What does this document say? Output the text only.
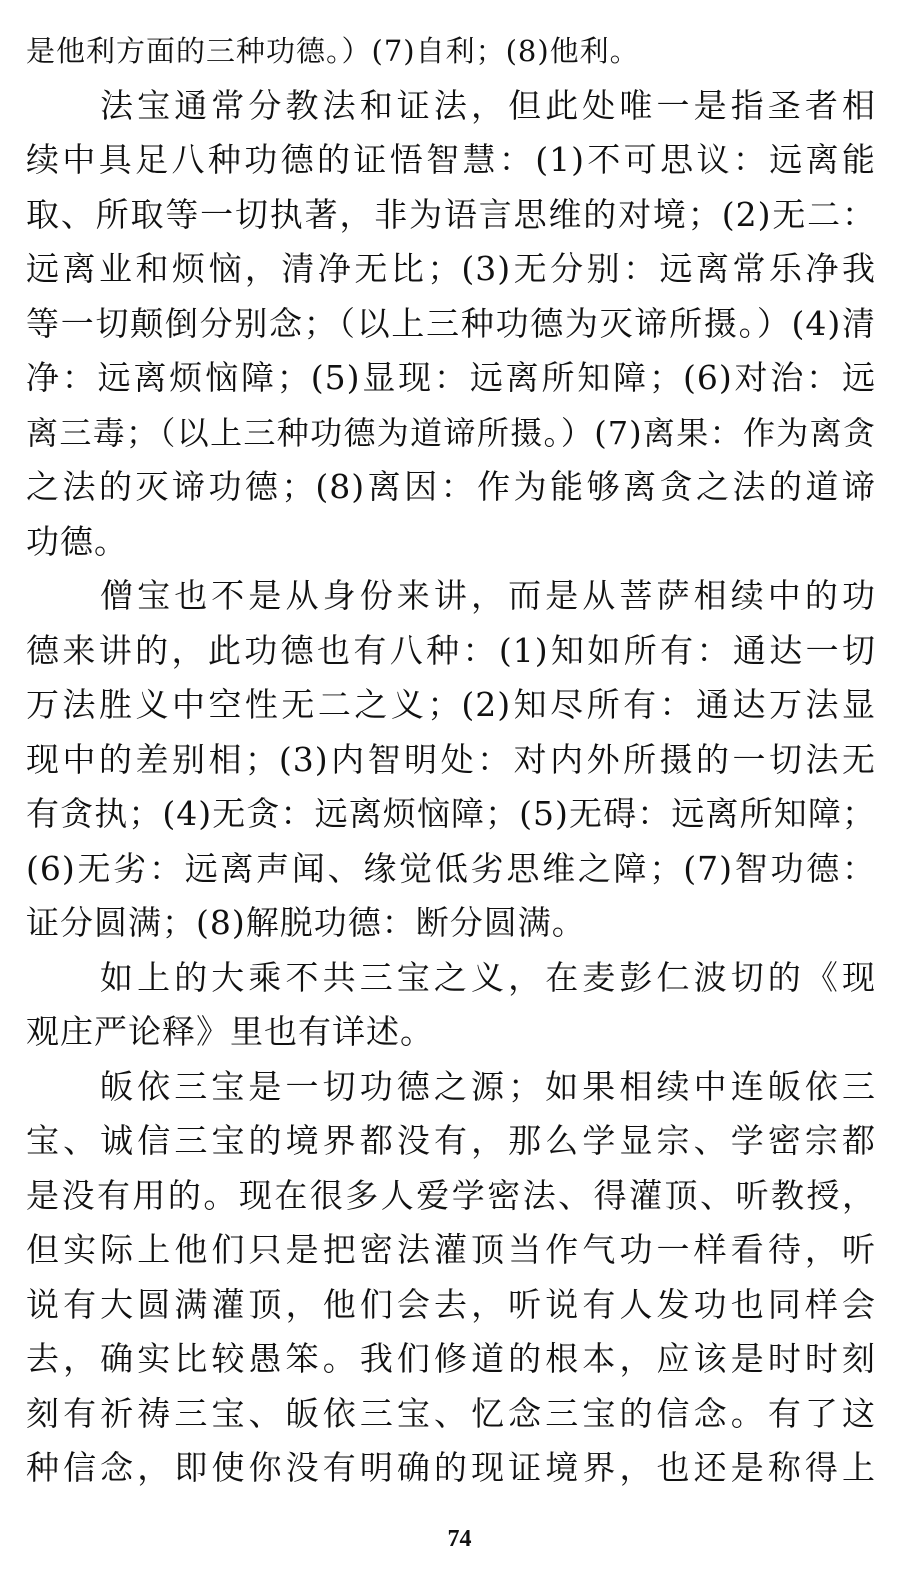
是他利方面的三种功德。）(7)自利；(8)他利。
法宝通常分教法和证法，但此处唯一是指圣者相
续中具足八种功德的证悟智慧：(1)不可思议：远离能
取、所取等一切执著，非为语言思维的对境；(2)无二：
远离业和烦恼，清净无比；(3)无分别：远离常乐净我
等一切颠倒分别念；（以上三种功德为灭谛所摄。）(4)清
净：远离烦恼障；(5)显现：远离所知障；(6)对治：远
离三毒；（以上三种功德为道谛所摄。）(7)离果：作为离贪
之法的灭谛功德；(8)离因：作为能够离贪之法的道谛
功德。
僧宝也不是从身份来讲，而是从菩萨相续中的功
德来讲的，此功德也有八种：(1)知如所有：通达一切
万法胜义中空性无二之义；(2)知尽所有：通达万法显
现中的差别相；(3)内智明处：对内外所摄的一切法无
有贪执；(4)无贪：远离烦恼障；(5)无碍：远离所知障；
(6)无劣：远离声闻、缘觉低劣思维之障；(7)智功德：
证分圆满；(8)解脱功德：断分圆满。
如上的大乘不共三宝之义，在麦彭仁波切的《现
观庄严论释》里也有详述。
皈依三宝是一切功德之源；如果相续中连皈依三
宝、诚信三宝的境界都没有，那么学显宗、学密宗都
是没有用的。现在很多人爱学密法、得灌顶、听教授，
但实际上他们只是把密法灌顶当作气功一样看待，听
说有大圆满灌顶，他们会去，听说有人发功也同样会
去，确实比较愚笨。我们修道的根本，应该是时时刻
刻有祈祷三宝、皈依三宝、忆念三宝的信念。有了这
种信念，即使你没有明确的现证境界，也还是称得上
74
